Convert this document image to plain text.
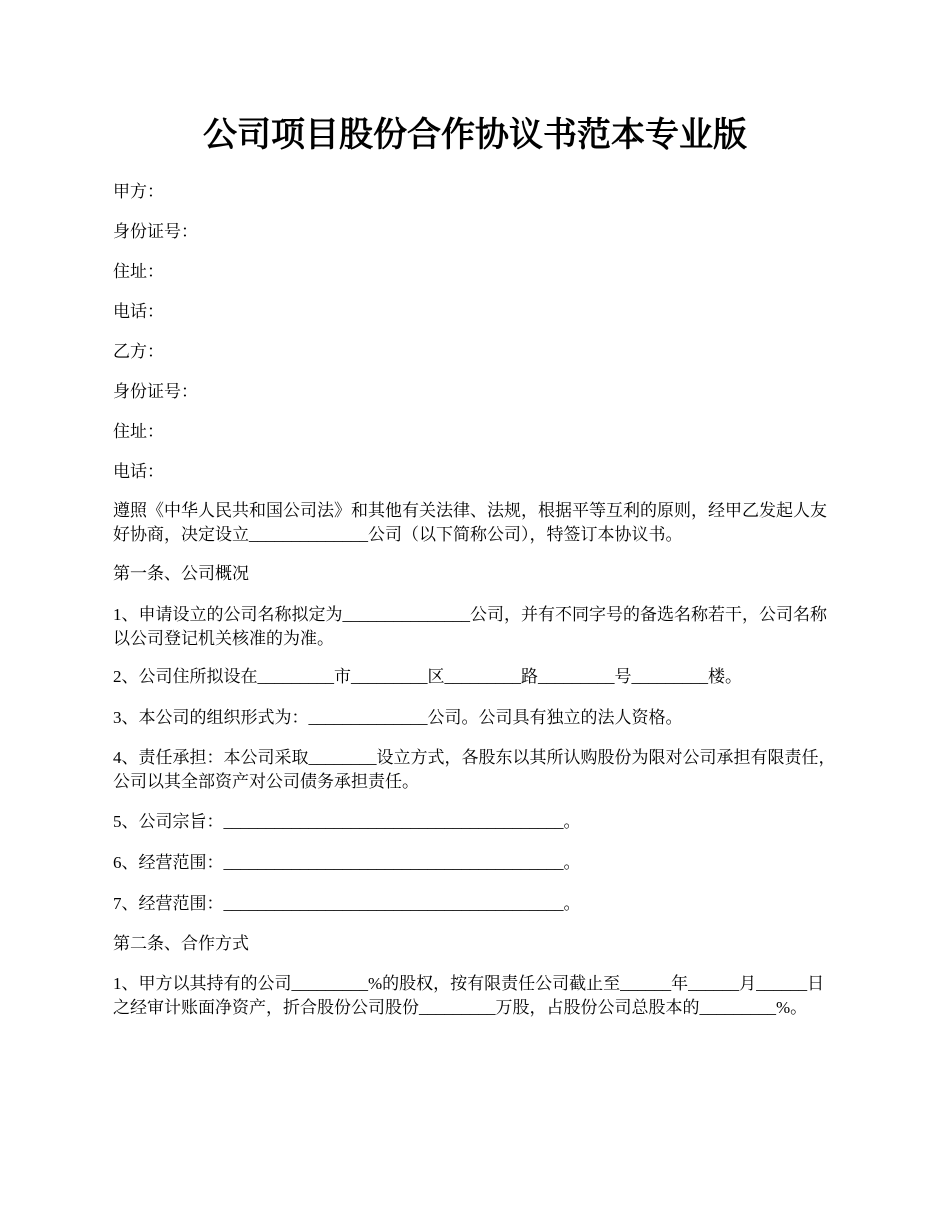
公司项目股份合作协议书范本专业版

甲方：

身份证号：

住址：

电话：

乙方：

身份证号：

住址：

电话：

遵照《中华人民共和国公司法》和其他有关法律、法规，根据平等互利的原则，经甲乙发起人友好协商，决定设立______________公司（以下简称公司），特签订本协议书。

第一条、公司概况

1、申请设立的公司名称拟定为_______________公司，并有不同字号的备选名称若干，公司名称以公司登记机关核准的为准。

2、公司住所拟设在_________市_________区_________路_________号_________楼。

3、本公司的组织形式为：______________公司。公司具有独立的法人资格。

4、责任承担：本公司采取________设立方式，各股东以其所认购股份为限对公司承担有限责任，公司以其全部资产对公司债务承担责任。

5、公司宗旨：________________________________________。

6、经营范围：________________________________________。

7、经营范围：________________________________________。

第二条、合作方式

1、甲方以其持有的公司_________%的股权，按有限责任公司截止至______年______月______日之经审计账面净资产，折合股份公司股份_________万股，占股份公司总股本的_________%。
